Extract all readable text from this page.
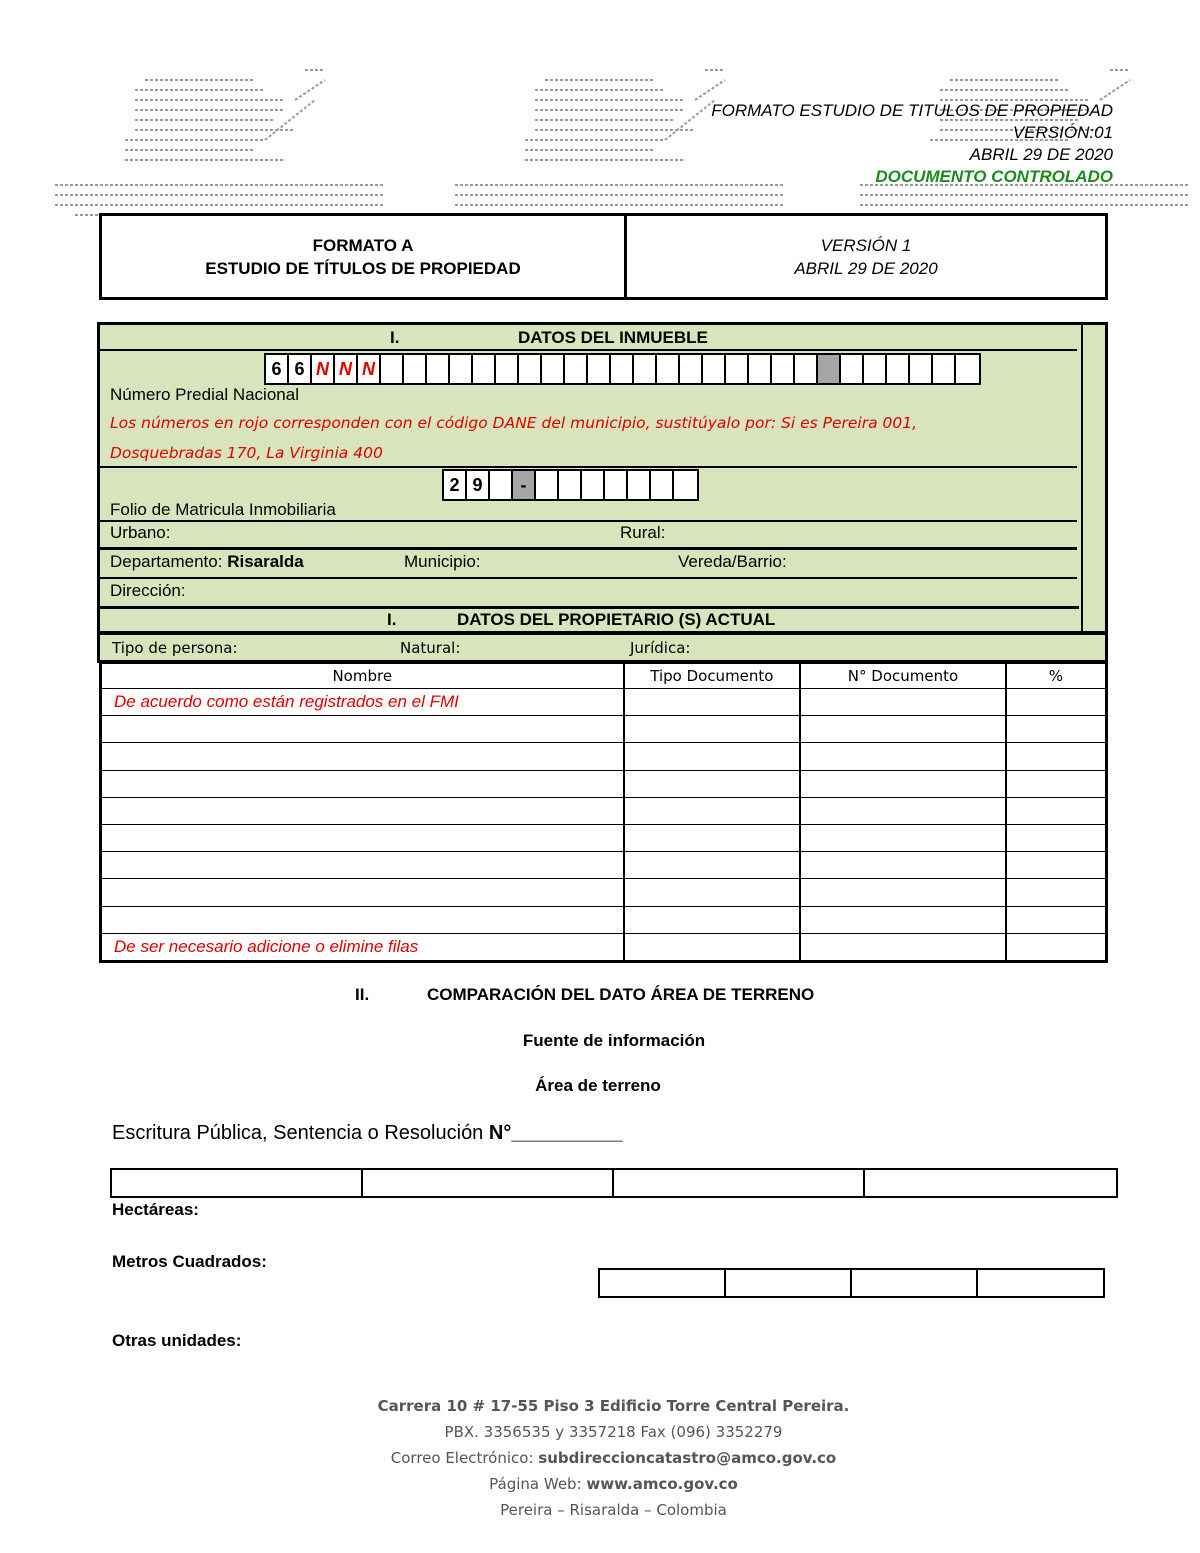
FORMATO ESTUDIO DE TITULOS DE PROPIEDAD
VERSIÓN:01
ABRIL 29 DE 2020
DOCUMENTO CONTROLADO
FORMATO A
ESTUDIO DE TÍTULOS DE PROPIEDAD
VERSIÓN 1
ABRIL 29 DE 2020
I.	DATOS DEL INMUEBLE
6 6 N N N
Número Predial Nacional
Los números en rojo corresponden con el código DANE del municipio, sustitúyalo por: Si es Pereira 001,
Dosquebradas 170, La Virginia 400
2 9	-
Folio de Matricula Inmobiliaria
Urbano:	Rural:
Departamento: Risaralda	Municipio:	Vereda/Barrio:
Dirección:
I.	DATOS DEL PROPIETARIO (S) ACTUAL
Tipo de persona:	Natural:	Jurídica:
Nombre	Tipo Documento	N° Documento	%
De acuerdo como están registrados en el FMI			

De ser necesario adicione o elimine filas			
II.	COMPARACIÓN DEL DATO ÁREA DE TERRENO
Fuente de información
Área de terreno
Escritura Pública, Sentencia o Resolución N°__________
Hectáreas:
Metros Cuadrados:
Otras unidades:
Carrera 10 # 17-55 Piso 3 Edificio Torre Central Pereira.
PBX. 3356535 y 3357218 Fax (096) 3352279
Correo Electrónico: subdireccioncatastro@amco.gov.co
Página Web: www.amco.gov.co
Pereira – Risaralda – Colombia
